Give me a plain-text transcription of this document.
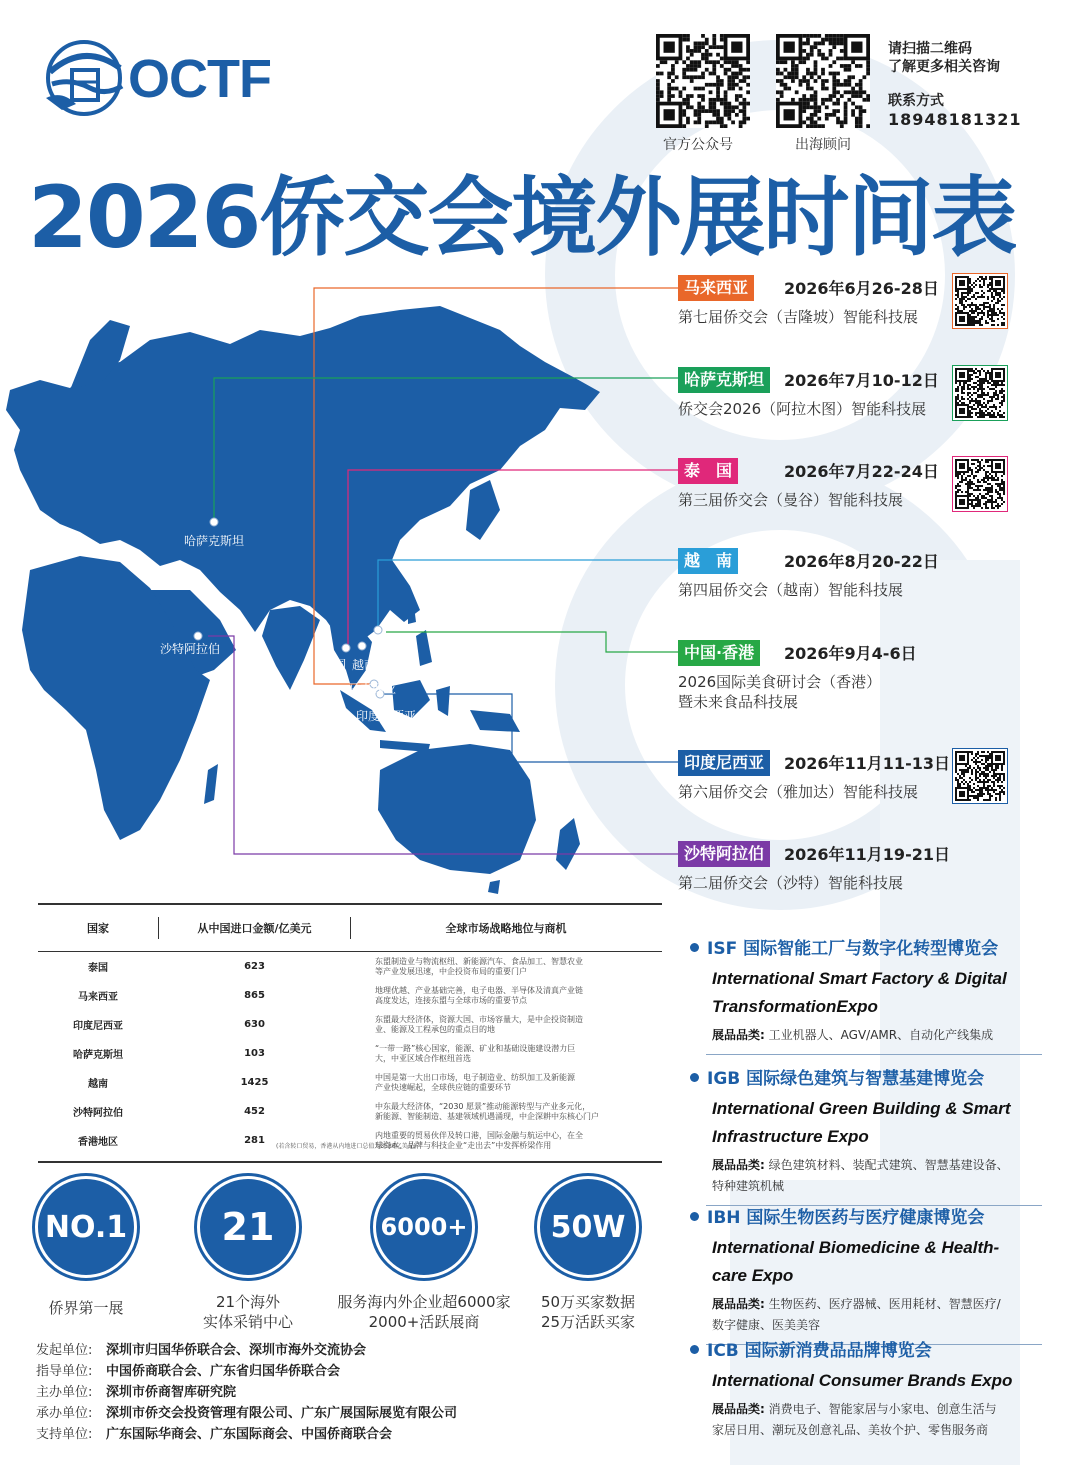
OCTF
官方公众号	出海顾问
请扫描二维码
了解更多相关咨询
联系方式
18948181321
2026侨交会境外展时间表
哈萨克斯坦
沙特阿拉伯	香港
泰国 越南
马来西亚
印度尼西亚
马来西亚 2026年6月26-28日
第七届侨交会（吉隆坡）智能科技展
哈萨克斯坦 2026年7月10-12日
侨交会2026（阿拉木图）智能科技展
泰　国	2026年7月22-24日
第三届侨交会（曼谷）智能科技展
越　南	2026年8月20-22日
第四届侨交会（越南）智能科技展
中国·香港 2026年9月4-6日
2026国际美食研讨会（香港）
暨未来食品科技展
印度尼西亚 2026年11月11-13日
第六届侨交会（雅加达）智能科技展
沙特阿拉伯 2026年11月19-21日
第二届侨交会（沙特）智能科技展
国家	从中国进口金额/亿美元	全球市场战略地位与商机
泰国	623	东盟制造业与物流枢纽、新能源汽车、食品加工、智慧农业
等产业发展迅速，中企投资布局的重要门户
马来西亚	865	地理优越、产业基础完善，电子电器、半导体及清真产业链
高度发达，连接东盟与全球市场的重要节点
印度尼西亚	630	东盟最大经济体，资源大国、市场容量大，是中企投资制造
业、能源及工程承包的重点目的地
哈萨克斯坦	103	“一带一路”核心国家，能源、矿业和基础设施建设潜力巨
大，中亚区域合作枢纽首选
越南	1425	中国是第一大出口市场，电子制造业、纺织加工及新能源
产业快速崛起，全球供应链的重要环节
沙特阿拉伯	452	中东最大经济体，“2030 愿景”推动能源转型与产业多元化，
新能源、智能制造、基建领域机遇涌现，中企深耕中东核心门户
香港地区	281
(若含转口贸易，香港从内地进口总值为3586亿美元)
内地重要的贸易伙伴及转口港，国际金融与航运中心，在全
球资本、品牌与科技企业“走出去”中发挥桥梁作用
NO.1
侨界第一展
21
21个海外
实体采销中心
6000+
服务海内外企业超6000家
2000+活跃展商
50W
50万买家数据
25万活跃买家
发起单位:	深圳市归国华侨联合会、深圳市海外交流协会
指导单位:	中国侨商联合会、广东省归国华侨联合会
主办单位:	深圳市侨商智库研究院
承办单位:	深圳市侨交会投资管理有限公司、广东广展国际展览有限公司
支持单位:	广东国际华商会、广东国际商会、中国侨商联合会
ISF 国际智能工厂与数字化转型博览会
International Smart Factory & Digital
TransformationExpo
展品品类: 工业机器人、AGV/AMR、自动化产线集成
IGB 国际绿色建筑与智慧基建博览会
International Green Building & Smart
Infrastructure Expo
展品品类: 绿色建筑材料、装配式建筑、智慧基建设备、
特种建筑机械
IBH 国际生物医药与医疗健康博览会
International Biomedicine & Health-
care Expo
展品品类: 生物医药、医疗器械、医用耗材、智慧医疗/
数字健康、医美美容
ICB 国际新消费品品牌博览会
International Consumer Brands Expo
展品品类: 消费电子、智能家居与小家电、创意生活与
家居日用、潮玩及创意礼品、美妆个护、零售服务商
